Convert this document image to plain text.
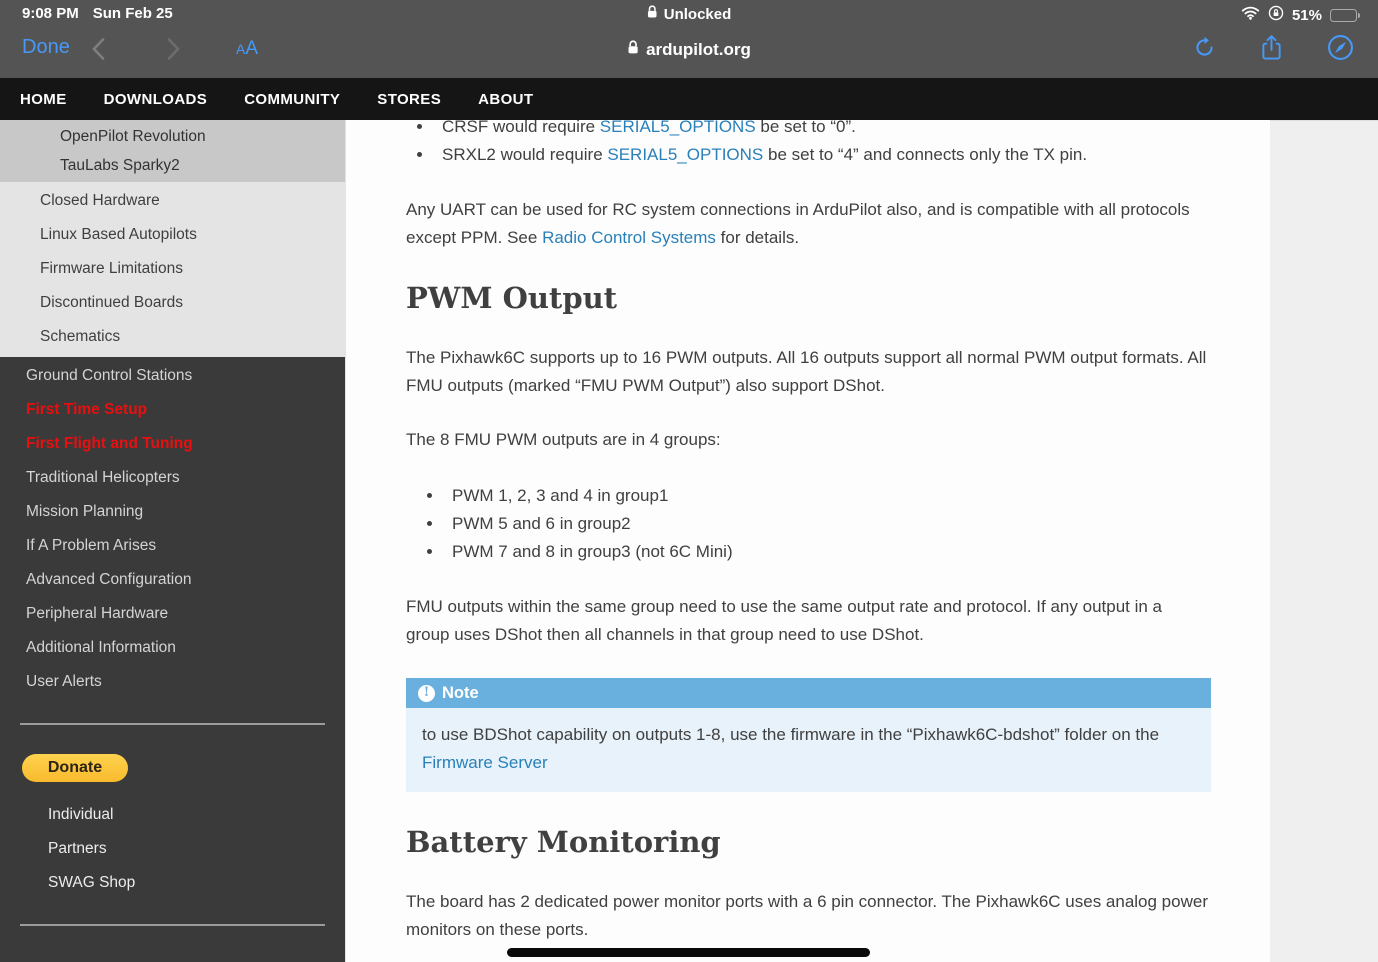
9:08 PM Sun Feb 25	Unlocked	51%
Done	A A	ardupilot.org
HOME DOWNLOADS COMMUNITY STORES ABOUT
OpenPilot Revolution
TauLabs Sparky2
Closed Hardware
Linux Based Autopilots
Firmware Limitations
Discontinued Boards
Schematics
Ground Control Stations
First Time Setup
First Flight and Tuning
Traditional Helicopters
Mission Planning
If A Problem Arises
Advanced Configuration
Peripheral Hardware
Additional Information
User Alerts
Donate
Individual
Partners
SWAG Shop
• CRSF would require SERIAL5_OPTIONS be set to “0”.
• SRXL2 would require SERIAL5_OPTIONS be set to “4” and connects only the TX pin.

Any UART can be used for RC system connections in ArduPilot also, and is compatible with all protocols except PPM. See Radio Control Systems for details.

PWM Output

The Pixhawk6C supports up to 16 PWM outputs. All 16 outputs support all normal PWM output formats. All FMU outputs (marked “FMU PWM Output”) also support DShot.

The 8 FMU PWM outputs are in 4 groups:

• PWM 1, 2, 3 and 4 in group1
• PWM 5 and 6 in group2
• PWM 7 and 8 in group3 (not 6C Mini)

FMU outputs within the same group need to use the same output rate and protocol. If any output in a group uses DShot then all channels in that group need to use DShot.

! Note
to use BDShot capability on outputs 1-8, use the firmware in the “Pixhawk6C-bdshot” folder on the Firmware Server
Battery Monitoring

The board has 2 dedicated power monitor ports with a 6 pin connector. The Pixhawk6C uses analog power monitors on these ports.
